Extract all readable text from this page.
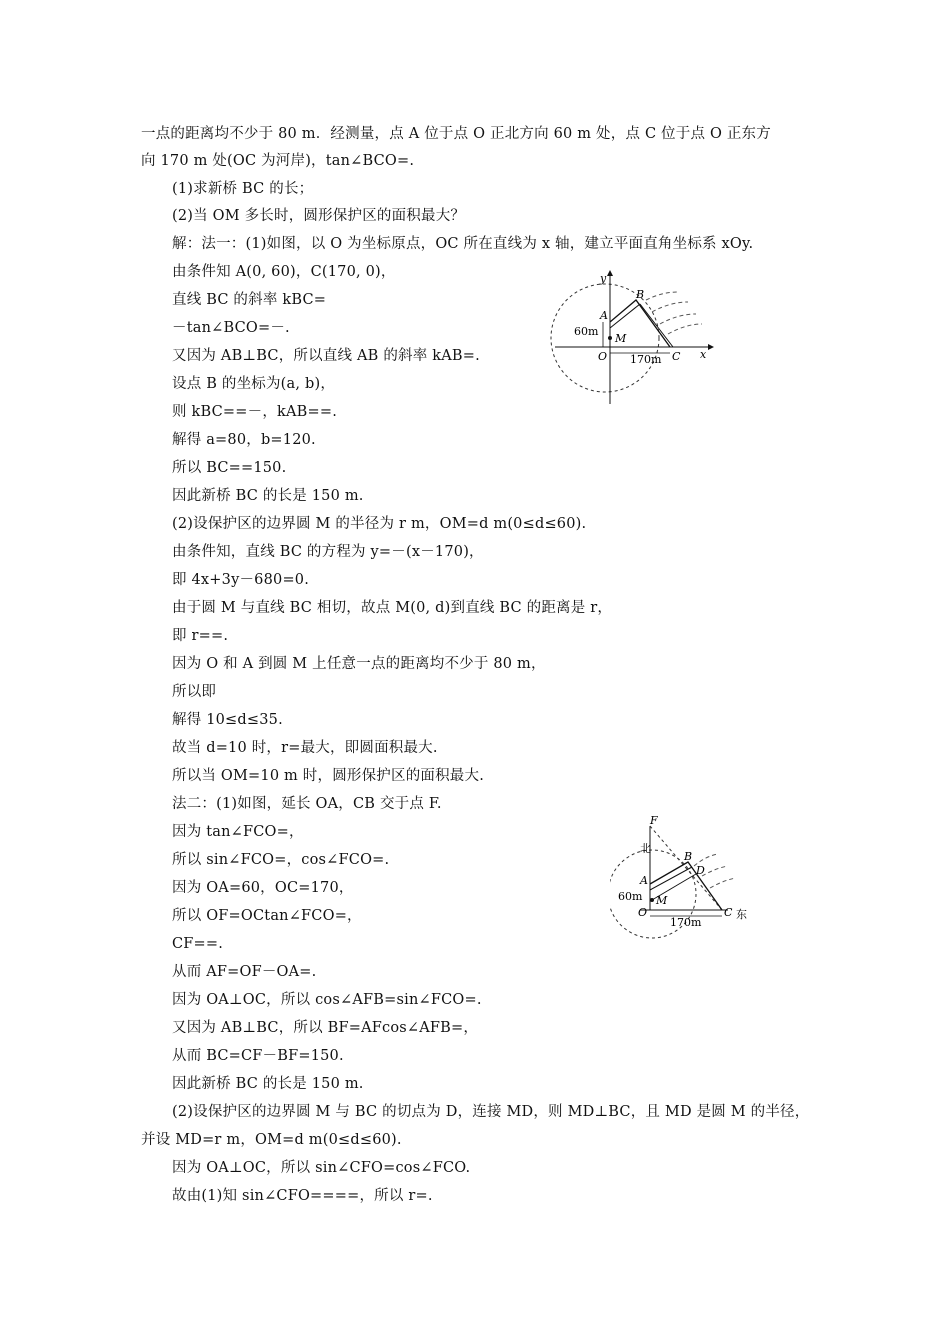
一点的距离均不少于 80 m．经测量，点 A 位于点 O 正北方向 60 m 处，点 C 位于点 O 正东方
向 170 m 处(OC 为河岸)，tan∠BCO=.
(1)求新桥 BC 的长；
(2)当 OM 多长时，圆形保护区的面积最大？
解：法一：(1)如图，以 O 为坐标原点，OC 所在直线为 x 轴，建立平面直角坐标系 xOy.
由条件知 A(0, 60)，C(170, 0)，
直线 BC 的斜率 kBC=
－tan∠BCO=－.
又因为 AB⊥BC，所以直线 AB 的斜率 kAB=.
设点 B 的坐标为(a, b)，
则 kBC==－，kAB==.
解得 a=80，b=120.
所以 BC==150.
因此新桥 BC 的长是 150 m.
(2)设保护区的边界圆 M 的半径为 r m，OM=d m(0≤d≤60).
由条件知，直线 BC 的方程为 y=－(x－170)，
即 4x+3y－680=0.
由于圆 M 与直线 BC 相切，故点 M(0, d)到直线 BC 的距离是 r，
即 r==.
因为 O 和 A 到圆 M 上任意一点的距离均不少于 80 m，
所以即
解得 10≤d≤35.
故当 d=10 时，r=最大，即圆面积最大.
所以当 OM=10 m 时，圆形保护区的面积最大.
法二：(1)如图，延长 OA，CB 交于点 F.
因为 tan∠FCO=，
所以 sin∠FCO=，cos∠FCO=.
因为 OA=60，OC=170，
所以 OF=OCtan∠FCO=，
CF==.
从而 AF=OF－OA=.
因为 OA⊥OC，所以 cos∠AFB=sin∠FCO=.
又因为 AB⊥BC，所以 BF=AFcos∠AFB=，
从而 BC=CF－BF=150.
因此新桥 BC 的长是 150 m.
(2)设保护区的边界圆 M 与 BC 的切点为 D，连接 MD，则 MD⊥BC，且 MD 是圆 M 的半径，
并设 MD=r m，OM=d m(0≤d≤60).
因为 OA⊥OC，所以 sin∠CFO=cos∠FCO.
故由(1)知 sin∠CFO====，所以 r=.
y
x
B
A
O
M
C
60m
170m
F
北
B
D
A
M
O	C 东
60m
170m
